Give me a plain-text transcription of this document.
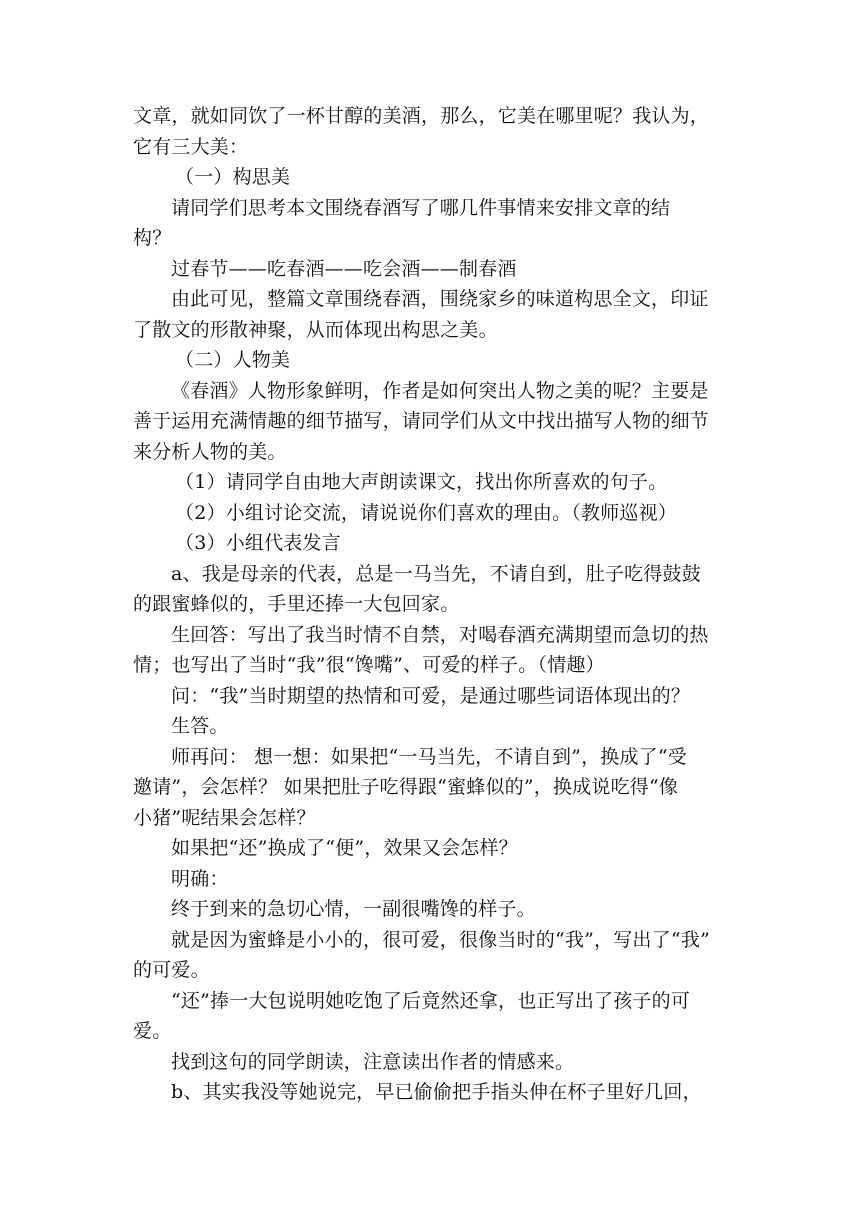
文章，就如同饮了一杯甘醇的美酒，那么，它美在哪里呢？我认为，
它有三大美：
（一）构思美
请同学们思考本文围绕春酒写了哪几件事情来安排文章的结
构？
过春节——吃春酒——吃会酒——制春酒
由此可见，整篇文章围绕春酒，围绕家乡的味道构思全文，印证
了散文的形散神聚，从而体现出构思之美。
（二）人物美
《春酒》人物形象鲜明，作者是如何突出人物之美的呢？主要是
善于运用充满情趣的细节描写，请同学们从文中找出描写人物的细节
来分析人物的美。
（1）请同学自由地大声朗读课文，找出你所喜欢的句子。
（2）小组讨论交流，请说说你们喜欢的理由。（教师巡视）
（3）小组代表发言
a、我是母亲的代表，总是一马当先，不请自到，肚子吃得鼓鼓
的跟蜜蜂似的，手里还捧一大包回家。
生回答：写出了我当时情不自禁，对喝春酒充满期望而急切的热
情；也写出了当时“我”很“馋嘴”、可爱的样子。（情趣）
问：“我”当时期望的热情和可爱，是通过哪些词语体现出的？
生答。
师再问： 想一想：如果把“一马当先，不请自到”，换成了“受
邀请”，会怎样？ 如果把肚子吃得跟“蜜蜂似的”，换成说吃得“像
小猪”呢结果会怎样？
如果把“还”换成了“便”，效果又会怎样？
明确：
终于到来的急切心情，一副很嘴馋的样子。
就是因为蜜蜂是小小的，很可爱，很像当时的“我”，写出了“我”
的可爱。
“还”捧一大包说明她吃饱了后竟然还拿，也正写出了孩子的可
爱。
找到这句的同学朗读，注意读出作者的情感来。
b、其实我没等她说完，早已偷偷把手指头伸在杯子里好几回，
